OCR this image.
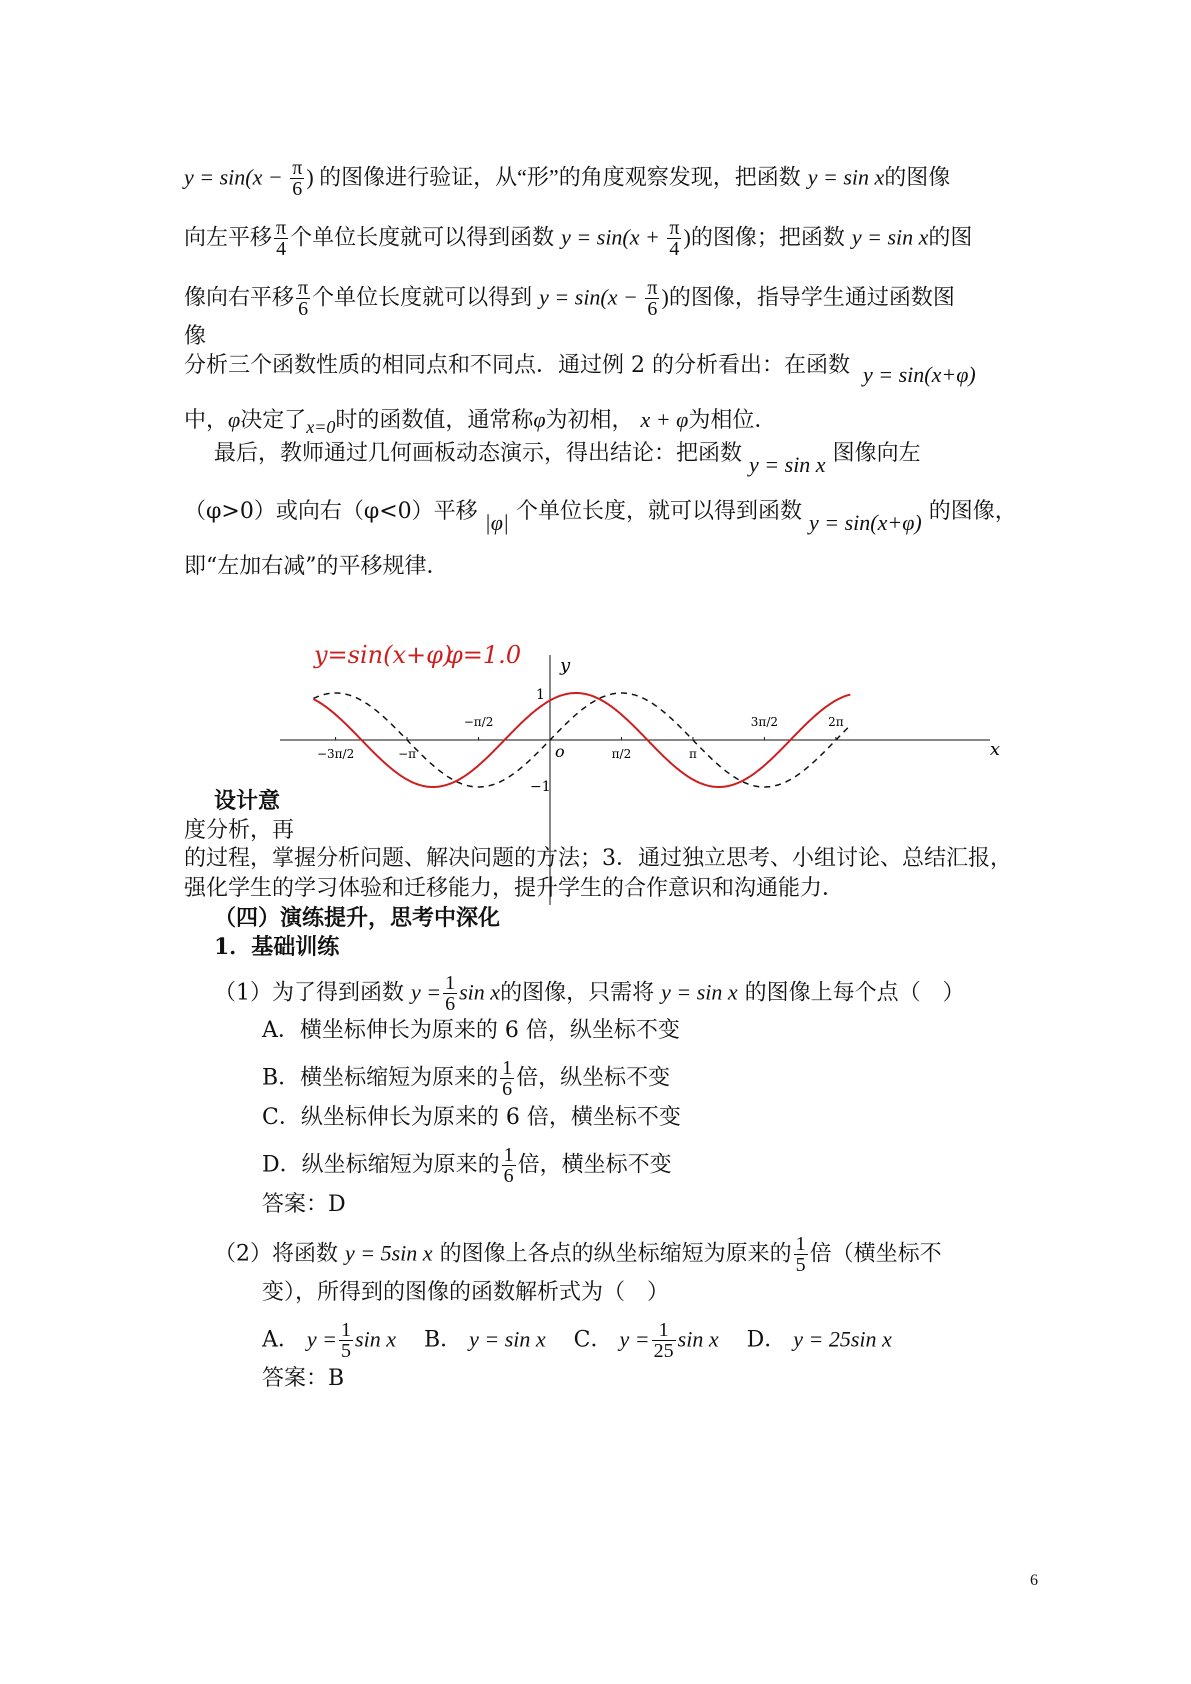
$y = \sin(x - \frac{\pi}{6}$ ) 的图像进行验证，从“形”的角度观察发现，把函数 y = sin x的图像
向左平移 $\frac{\pi}{4}$ 个单位长度就可以得到函数 $y = \sin(x + \frac{\pi}{4}$ )的图像；把函数 y = sin x的图
像向右平移 $\frac{\pi}{6}$ 个单位长度就可以得到 $y = \sin(x - \frac{\pi}{6}$ )的图像，指导学生通过函数图
像
分析三个函数性质的相同点和不同点．通过例 2 的分析看出：在函数 y = sin(x+φ)
中，φ决定了$_{x=0}$时的函数值，通常称φ为初相， x + φ为相位．
最后，教师通过几何画板动态演示，得出结论：把函数 y = sin x 图像向左
（φ>0）或向右（φ<0）平移 |φ| 个单位长度，就可以得到函数 y = sin(x+φ) 的图像，
即“左加右减”的平移规律．
设计意
度分析，再
y
x
o
1
−1
y=sin(x+φ)
φ=1.0
−3π/2	−π
−π/2
π/2	π
3π/2	2π
的过程，掌握分析问题、解决问题的方法；3．通过独立思考、小组讨论、总结汇报，
强化学生的学习体验和迁移能力，提升学生的合作意识和沟通能力．
（四）演练提升，思考中深化
1．基础训练
（1）为了得到函数 $y = \frac{1}{6}$ sin x的图像，只需将 y = sin x 的图像上每个点（　）
A．横坐标伸长为原来的 6 倍，纵坐标不变
B．横坐标缩短为原来的 $\frac{1}{6}$ 倍，纵坐标不变
C．纵坐标伸长为原来的 6 倍，横坐标不变
D．纵坐标缩短为原来的 $\frac{1}{6}$ 倍，横坐标不变
答案：D
（2）将函数 y = 5sin x 的图像上各点的纵坐标缩短为原来的 $\frac{1}{5}$ 倍（横坐标不
变），所得到的图像的函数解析式为（　）
A． $y = \frac{1}{5}$ sin x B． y = sin x C． $y = \frac{1}{25}$ sin x D． y = 25sin x
答案：B
6
